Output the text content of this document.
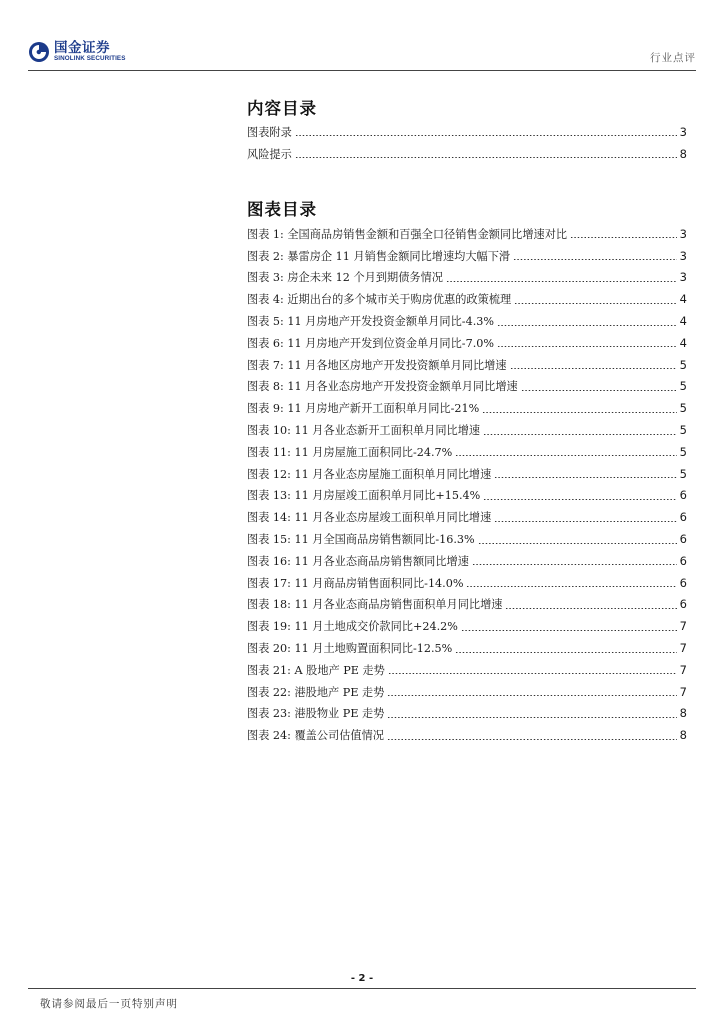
国金证券
SINOLINK SECURITIES	行业点评
内容目录
图表附录	3
风险提示	8
图表目录
图表 1: 全国商品房销售金额和百强全口径销售金额同比增速对比	3
图表 2: 暴雷房企 11 月销售金额同比增速均大幅下滑	3
图表 3: 房企未来 12 个月到期债务情况	3
图表 4: 近期出台的多个城市关于购房优惠的政策梳理	4
图表 5: 11 月房地产开发投资金额单月同比-4.3%	4
图表 6: 11 月房地产开发到位资金单月同比-7.0%	4
图表 7: 11 月各地区房地产开发投资额单月同比增速	5
图表 8: 11 月各业态房地产开发投资金额单月同比增速	5
图表 9: 11 月房地产新开工面积单月同比-21%	5
图表 10: 11 月各业态新开工面积单月同比增速	5
图表 11: 11 月房屋施工面积同比-24.7%	5
图表 12: 11 月各业态房屋施工面积单月同比增速	5
图表 13: 11 月房屋竣工面积单月同比+15.4%	6
图表 14: 11 月各业态房屋竣工面积单月同比增速	6
图表 15: 11 月全国商品房销售额同比-16.3%	6
图表 16: 11 月各业态商品房销售额同比增速	6
图表 17: 11 月商品房销售面积同比-14.0%	6
图表 18: 11 月各业态商品房销售面积单月同比增速	6
图表 19: 11 月土地成交价款同比+24.2%	7
图表 20: 11 月土地购置面积同比-12.5%	7
图表 21: A 股地产 PE 走势	7
图表 22: 港股地产 PE 走势	7
图表 23: 港股物业 PE 走势	8
图表 24: 覆盖公司估值情况	8
- 2 -
敬请参阅最后一页特别声明
